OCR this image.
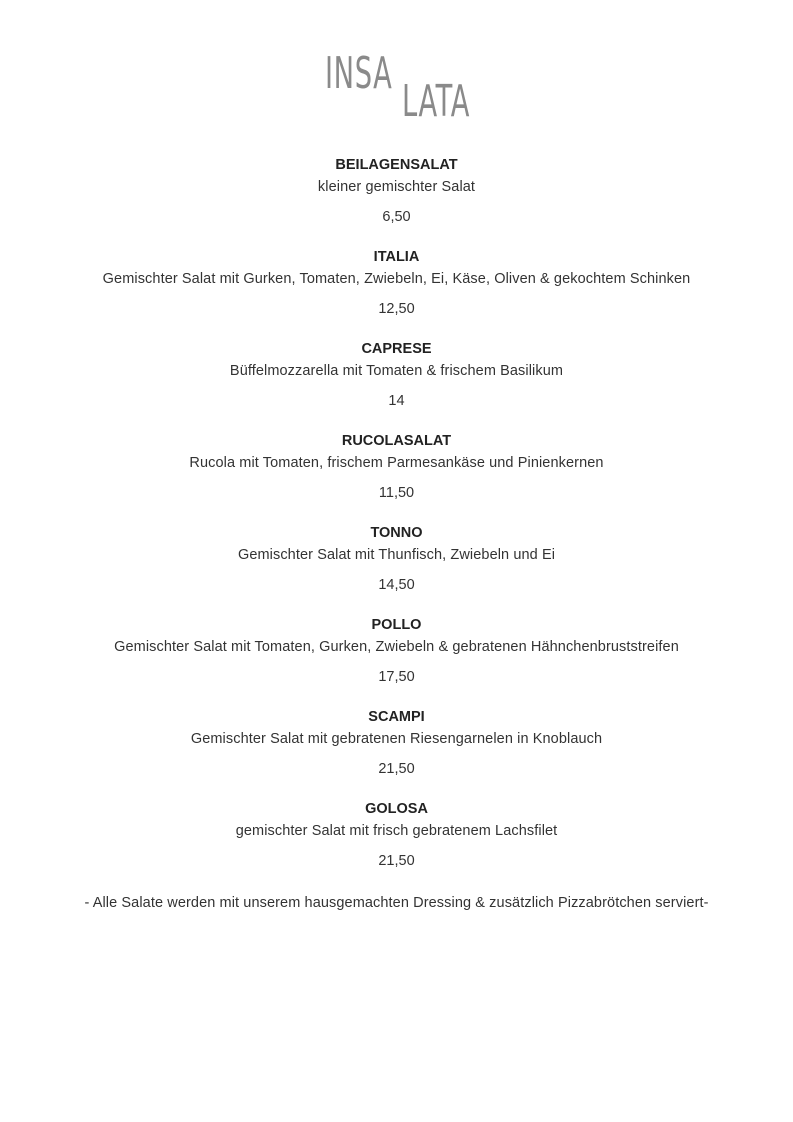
INSA
LATA
BEILAGENSALAT
kleiner gemischter Salat
6,50
ITALIA
Gemischter Salat mit Gurken, Tomaten, Zwiebeln, Ei, Käse, Oliven & gekochtem Schinken
12,50
CAPRESE
Büffelmozzarella mit Tomaten & frischem Basilikum
14
RUCOLASALAT
Rucola mit Tomaten, frischem Parmesankäse und Pinienkernen
11,50
TONNO
Gemischter Salat mit Thunfisch, Zwiebeln und Ei
14,50
POLLO
Gemischter Salat mit Tomaten, Gurken, Zwiebeln & gebratenen Hähnchenbruststreifen
17,50
SCAMPI
Gemischter Salat mit gebratenen Riesengarnelen in Knoblauch
21,50
GOLOSA
gemischter Salat mit frisch gebratenem Lachsfilet
21,50
- Alle Salate werden mit unserem hausgemachten Dressing & zusätzlich Pizzabrötchen serviert-
